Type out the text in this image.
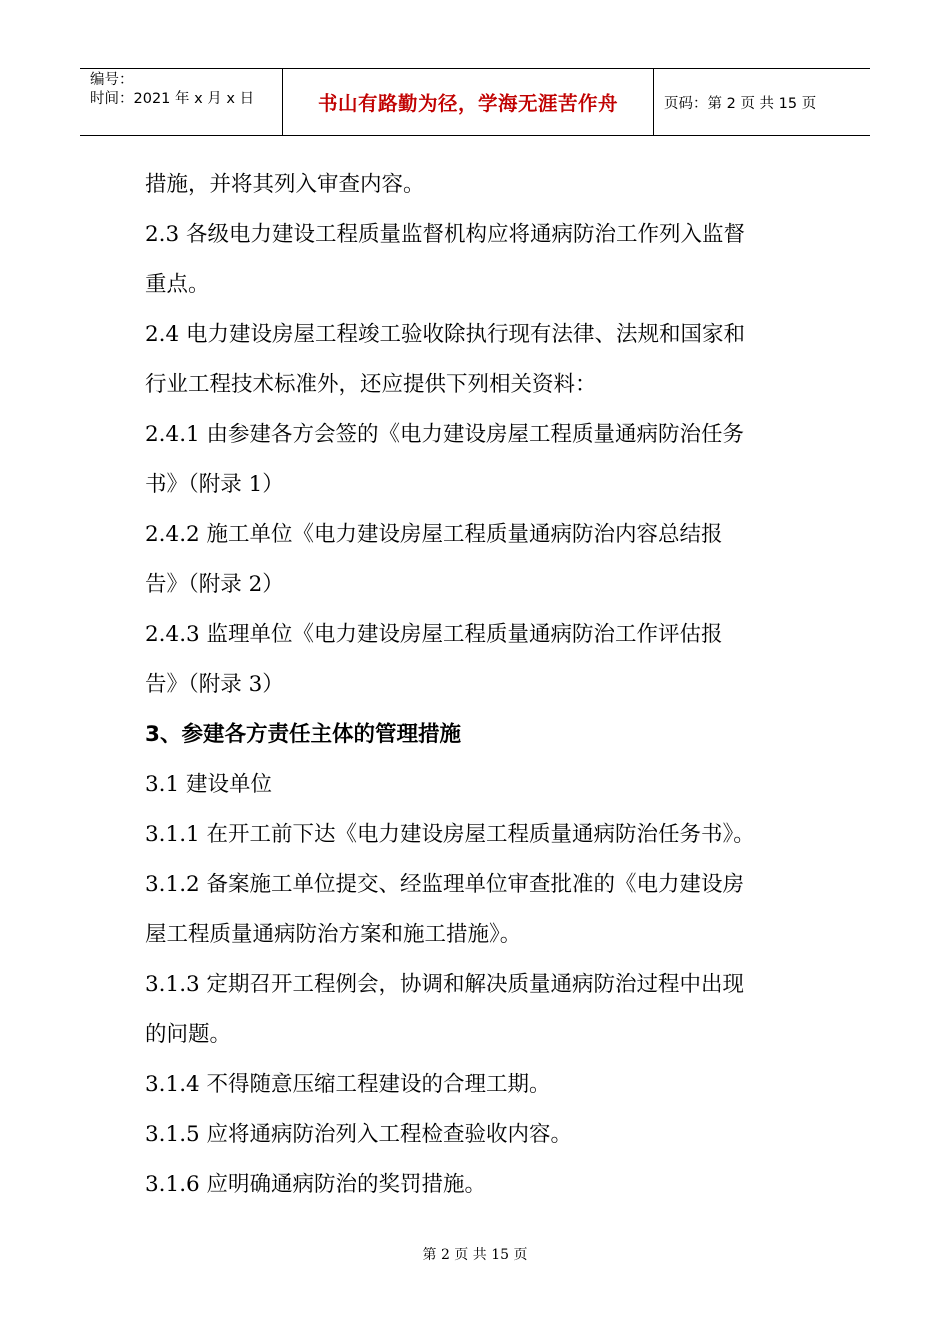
编号：
时间：2021 年 x 月 x 日	书山有路勤为径，学海无涯苦作舟	页码：第 2 页 共 15 页

措施，并将其列入审查内容。

2.3 各级电力建设工程质量监督机构应将通病防治工作列入监督

重点。

2.4 电力建设房屋工程竣工验收除执行现有法律、法规和国家和

行业工程技术标准外，还应提供下列相关资料：

2.4.1 由参建各方会签的《电力建设房屋工程质量通病防治任务

书》（附录 1）

2.4.2 施工单位《电力建设房屋工程质量通病防治内容总结报

告》（附录 2）

2.4.3 监理单位《电力建设房屋工程质量通病防治工作评估报

告》（附录 3）

3、参建各方责任主体的管理措施

3.1 建设单位

3.1.1 在开工前下达《电力建设房屋工程质量通病防治任务书》。

3.1.2 备案施工单位提交、经监理单位审查批准的《电力建设房

屋工程质量通病防治方案和施工措施》。

3.1.3 定期召开工程例会，协调和解决质量通病防治过程中出现

的问题。

3.1.4 不得随意压缩工程建设的合理工期。

3.1.5 应将通病防治列入工程检查验收内容。

3.1.6 应明确通病防治的奖罚措施。

第 2 页 共 15 页
